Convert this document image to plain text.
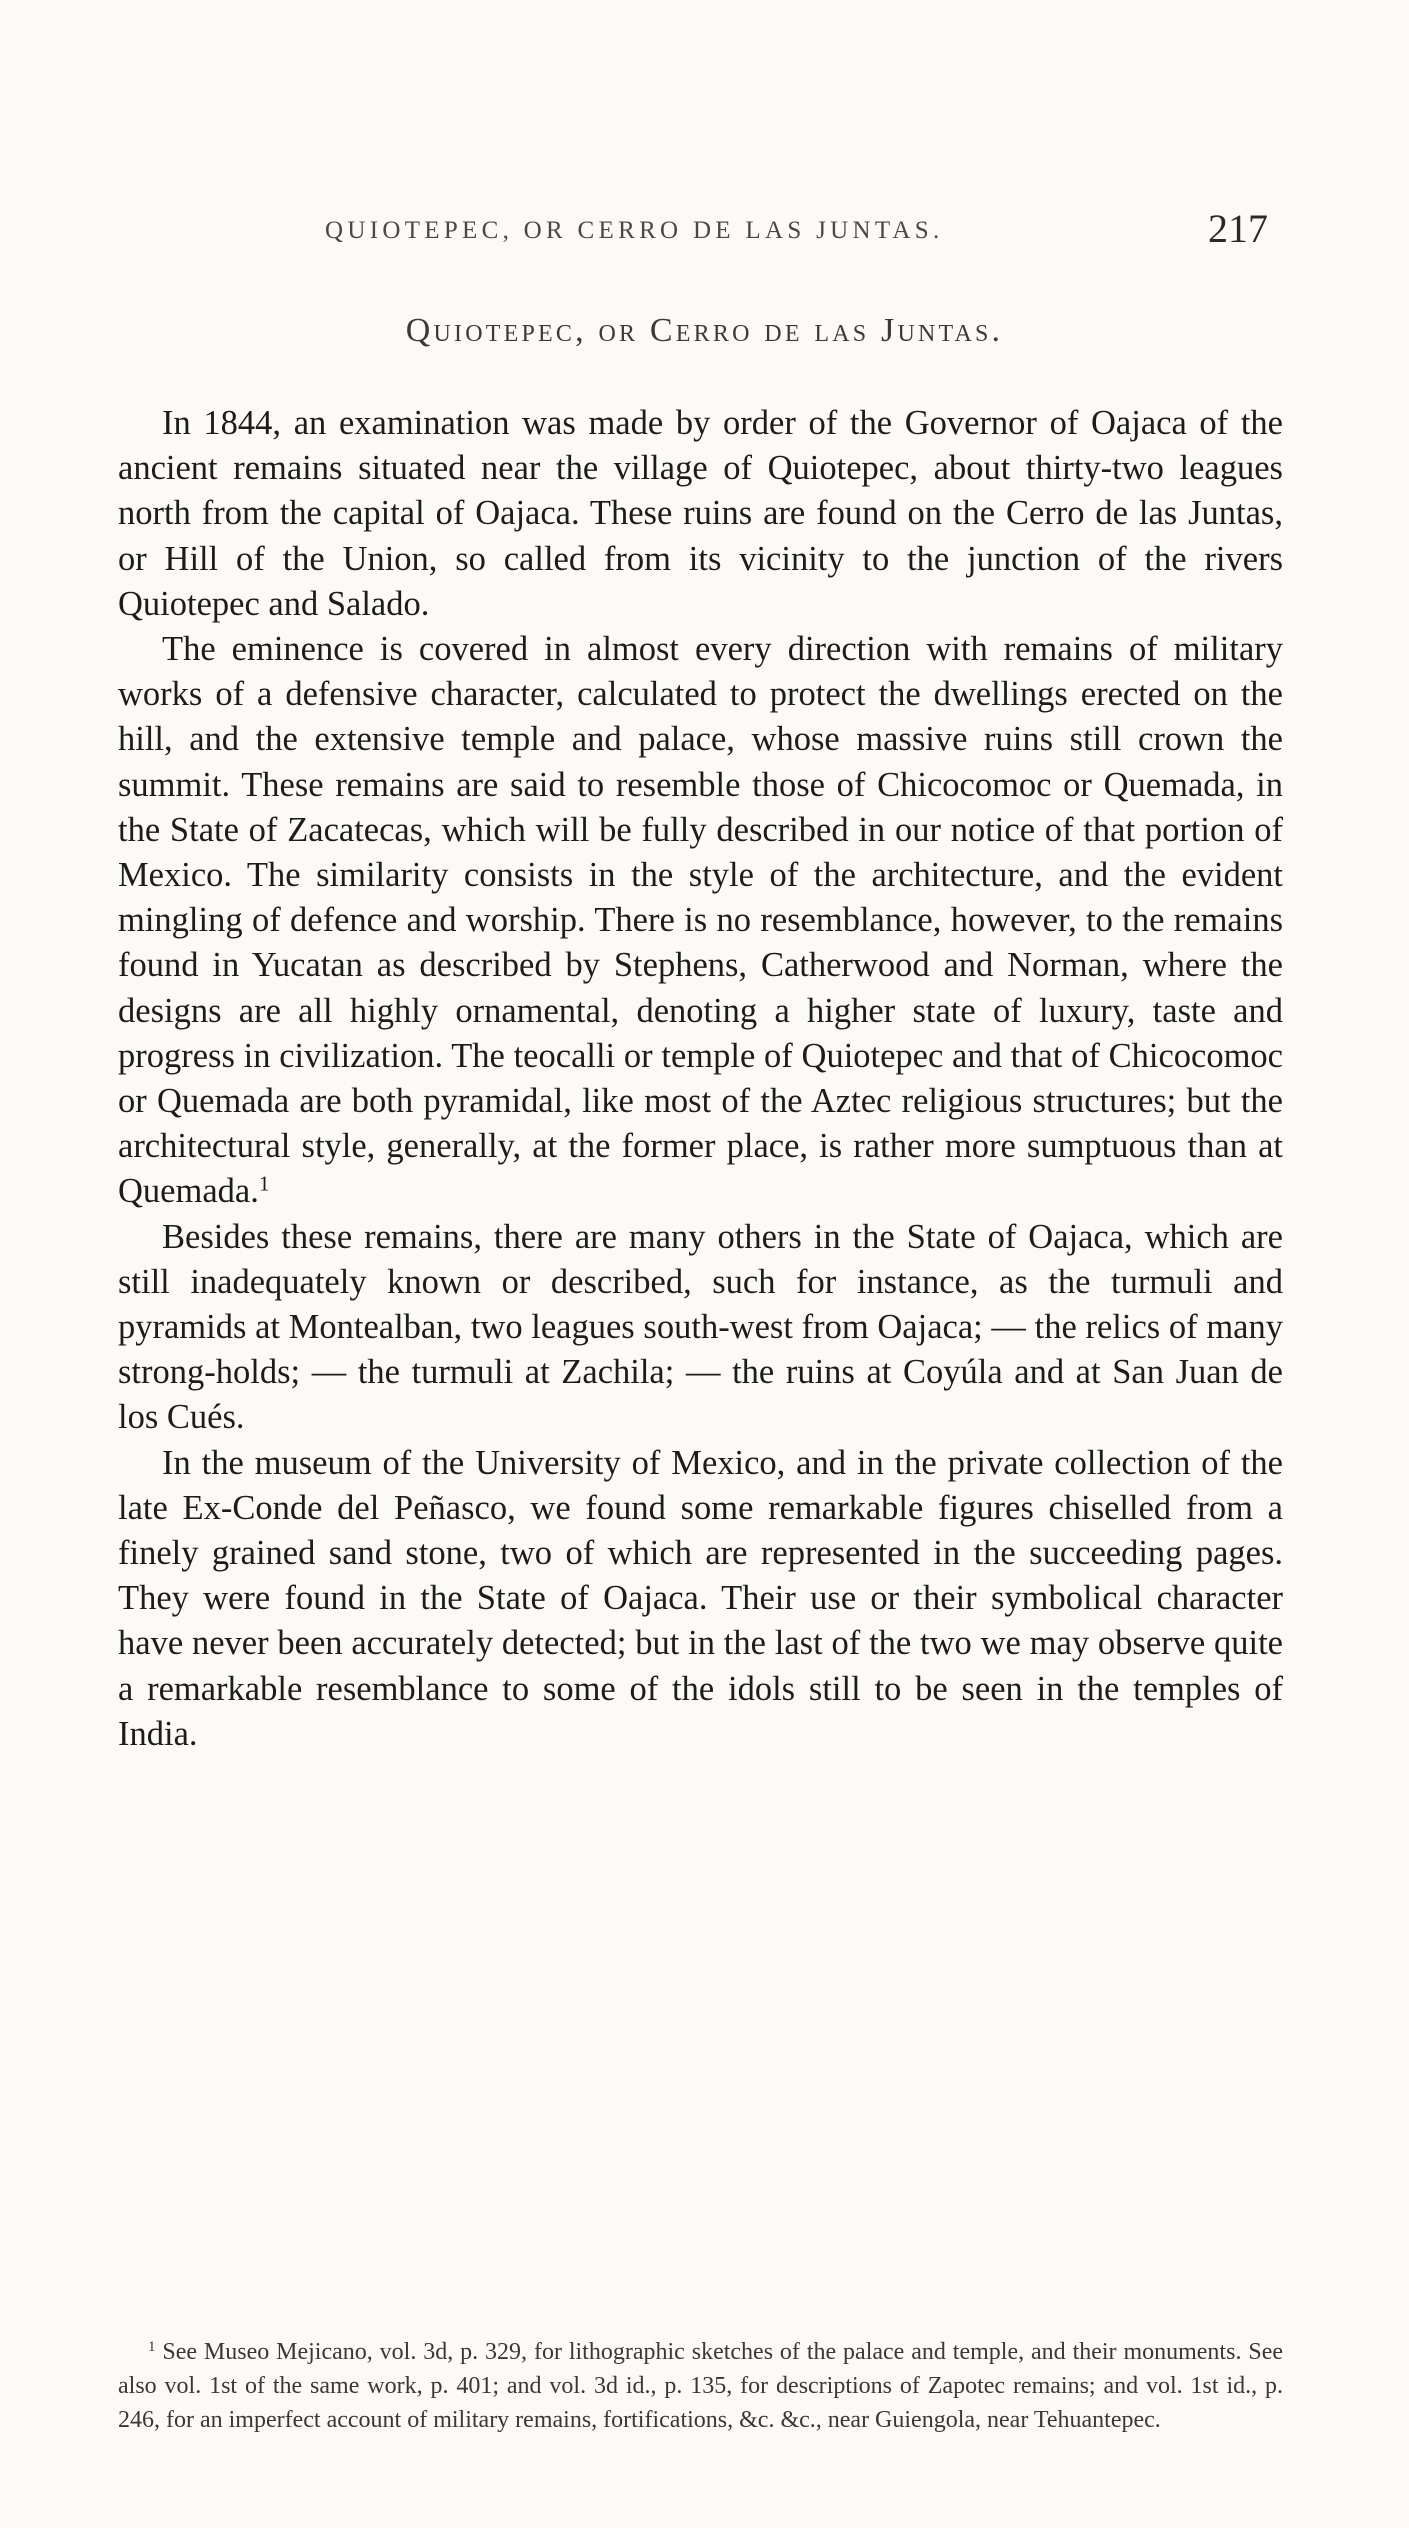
QUIOTEPEC, OR CERRO DE LAS JUNTAS.	217
Quiotepec, or Cerro de las Juntas.

In 1844, an examination was made by order of the Governor of Oajaca of the ancient remains situated near the village of Quiotepec, about thirty-two leagues north from the capital of Oajaca. These ruins are found on the Cerro de las Juntas, or Hill of the Union, so called from its vicinity to the junction of the rivers Quiotepec and Salado.

The eminence is covered in almost every direction with remains of military works of a defensive character, calculated to protect the dwellings erected on the hill, and the extensive temple and palace, whose massive ruins still crown the summit. These remains are said to resemble those of Chicocomoc or Quemada, in the State of Zacatecas, which will be fully described in our notice of that portion of Mexico. The similarity consists in the style of the architecture, and the evident mingling of defence and worship. There is no resemblance, however, to the remains found in Yucatan as described by Stephens, Catherwood and Norman, where the designs are all highly ornamental, denoting a higher state of luxury, taste and progress in civilization. The teocalli or temple of Quiotepec and that of Chicocomoc or Quemada are both pyramidal, like most of the Aztec religious structures; but the architectural style, generally, at the former place, is rather more sumptuous than at Quemada.$^1$

Besides these remains, there are many others in the State of Oajaca, which are still inadequately known or described, such for instance, as the turmuli and pyramids at Montealban, two leagues south-west from Oajaca; — the relics of many strong-holds; — the turmuli at Zachila; — the ruins at Coyúla and at San Juan de los Cués.

In the museum of the University of Mexico, and in the private collection of the late Ex-Conde del Peñasco, we found some remarkable figures chiselled from a finely grained sand stone, two of which are represented in the succeeding pages. They were found in the State of Oajaca. Their use or their symbolical character have never been accurately detected; but in the last of the two we may observe quite a remarkable resemblance to some of the idols still to be seen in the temples of India.

$^1$ See Museo Mejicano, vol. 3d, p. 329, for lithographic sketches of the palace and temple, and their monuments. See also vol. 1st of the same work, p. 401; and vol. 3d id., p. 135, for descriptions of Zapotec remains; and vol. 1st id., p. 246, for an imperfect account of military remains, fortifications, &c. &c., near Guiengola, near Tehuantepec.
